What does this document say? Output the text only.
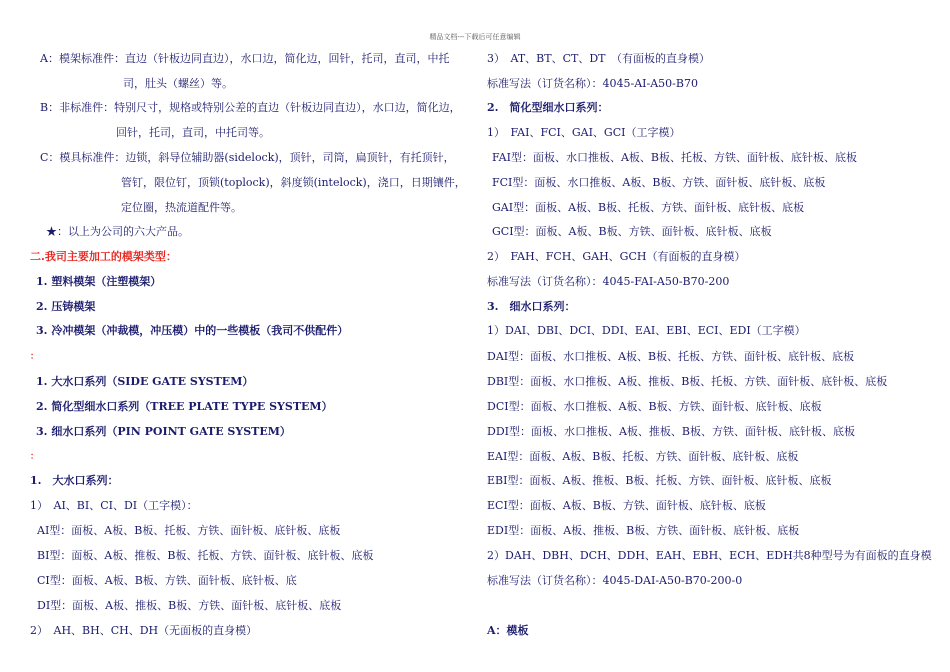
精品文档---下载后可任意编辑
A：模架标准件：直边（针板边同直边），水口边，简化边，回针，托司，直司，中托
司，肚头（螺丝）等。
B：非标准件：特别尺寸，规格或特别公差的直边（针板边同直边），水口边，简化边，
回针，托司，直司，中托司等。
C：模具标准件：边锁，斜导位辅助器(sidelock)，顶针，司筒，扁顶针，有托顶针，
管钉，限位钉，顶锁(toplock)，斜度锁(intelock)，浇口，日期镶件，
定位圈，热流道配件等。
★：以上为公司的六大产品。
二.我司主要加工的模架类型：
1. 塑料模架（注塑模架）
2. 压铸模架
3. 冷冲模架（冲裁模，冲压模）中的一些模板（我司不供配件）
：
1. 大水口系列（SIDE GATE SYSTEM）
2. 简化型细水口系列（TREE PLATE TYPE SYSTEM）
3. 细水口系列（PIN POINT GATE SYSTEM）
：
1.　大水口系列：
1）　AI、BI、CI、DI（工字模）：
AI型：面板、A板、B板、托板、方铁、面针板、底针板、底板
BI型：面板、A板、推板、B板、托板、方铁、面针板、底针板、底板
CI型：面板、A板、B板、方铁、面针板、底针板、底
DI型：面板、A板、推板、B板、方铁、面针板、底针板、底板
2）　AH、BH、CH、DH（无面板的直身模）
3）　AT、BT、CT、DT　（有面板的直身模）
标准写法（订货名称）：4045-AI-A50-B70
2.　简化型细水口系列：
1）　FAI、FCI、GAI、GCI（工字模）
FAI型：面板、水口推板、A板、B板、托板、方铁、面针板、底针板、底板
FCI型：面板、水口推板、A板、B板、方铁、面针板、底针板、底板
GAI型：面板、A板、B板、托板、方铁、面针板、底针板、底板
GCI型：面板、A板、B板、方铁、面针板、底针板、底板
2）　FAH、FCH、GAH、GCH（有面板的直身模）
标准写法（订货名称）：4045-FAI-A50-B70-200
3.　细水口系列：
1）DAI、DBI、DCI、DDI、EAI、EBI、ECI、EDI（工字模）
DAI型：面板、水口推板、A板、B板、托板、方铁、面针板、底针板、底板
DBI型：面板、水口推板、A板、推板、B板、托板、方铁、面针板、底针板、底板
DCI型：面板、水口推板、A板、B板、方铁、面针板、底针板、底板
DDI型：面板、水口推板、A板、推板、B板、方铁、面针板、底针板、底板
EAI型：面板、A板、B板、托板、方铁、面针板、底针板、底板
EBI型：面板、A板、推板、B板、托板、方铁、面针板、底针板、底板
ECI型：面板、A板、B板、方铁、面针板、底针板、底板
EDI型：面板、A板、推板、B板、方铁、面针板、底针板、底板
2）DAH、DBH、DCH、DDH、EAH、EBH、ECH、EDH共8种型号为有面板的直身模
标准写法（订货名称）：4045-DAI-A50-B70-200-0
A：模板
